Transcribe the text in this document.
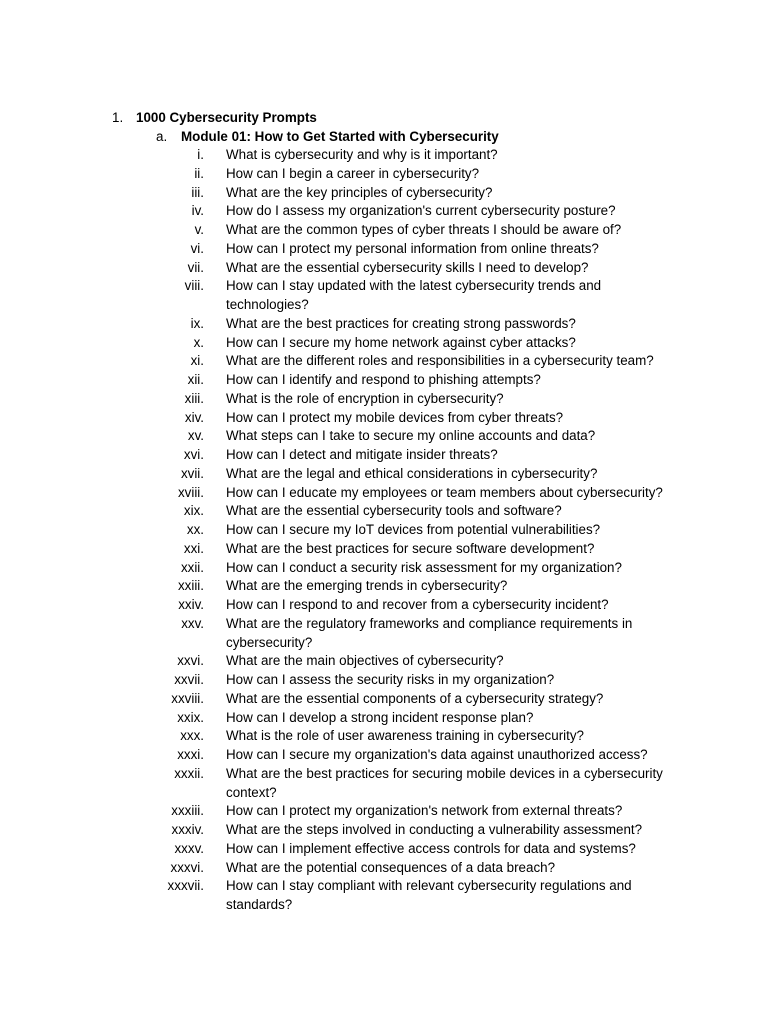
1. 1000 Cybersecurity Prompts
a.	Module 01: How to Get Started with Cybersecurity
i. What is cybersecurity and why is it important?
ii. How can I begin a career in cybersecurity?
iii. What are the key principles of cybersecurity?
iv. How do I assess my organization's current cybersecurity posture?
v. What are the common types of cyber threats I should be aware of?
vi. How can I protect my personal information from online threats?
vii. What are the essential cybersecurity skills I need to develop?
viii. How can I stay updated with the latest cybersecurity trends and technologies?
ix. What are the best practices for creating strong passwords?
x. How can I secure my home network against cyber attacks?
xi. What are the different roles and responsibilities in a cybersecurity team?
xii. How can I identify and respond to phishing attempts?
xiii. What is the role of encryption in cybersecurity?
xiv. How can I protect my mobile devices from cyber threats?
xv. What steps can I take to secure my online accounts and data?
xvi. How can I detect and mitigate insider threats?
xvii. What are the legal and ethical considerations in cybersecurity?
xviii. How can I educate my employees or team members about cybersecurity?
xix. What are the essential cybersecurity tools and software?
xx. How can I secure my IoT devices from potential vulnerabilities?
xxi. What are the best practices for secure software development?
xxii. How can I conduct a security risk assessment for my organization?
xxiii. What are the emerging trends in cybersecurity?
xxiv. How can I respond to and recover from a cybersecurity incident?
xxv. What are the regulatory frameworks and compliance requirements in cybersecurity?
xxvi. What are the main objectives of cybersecurity?
xxvii. How can I assess the security risks in my organization?
xxviii. What are the essential components of a cybersecurity strategy?
xxix. How can I develop a strong incident response plan?
xxx. What is the role of user awareness training in cybersecurity?
xxxi. How can I secure my organization's data against unauthorized access?
xxxii. What are the best practices for securing mobile devices in a cybersecurity context?
xxxiii. How can I protect my organization's network from external threats?
xxxiv. What are the steps involved in conducting a vulnerability assessment?
xxxv. How can I implement effective access controls for data and systems?
xxxvi. What are the potential consequences of a data breach?
xxxvii. How can I stay compliant with relevant cybersecurity regulations and standards?
